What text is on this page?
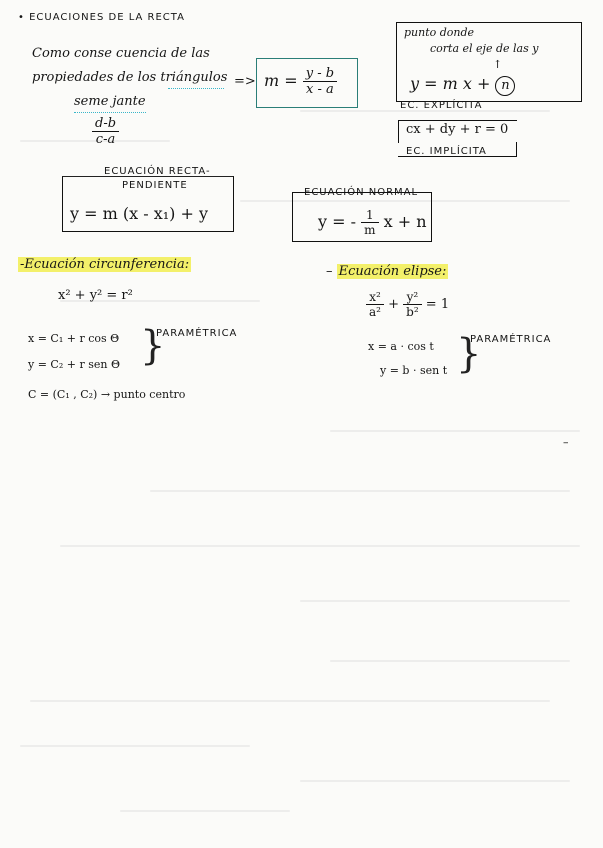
• ECUACIONES DE LA RECTA
Como conse cuencia de las
propiedades de los triángulos
seme jante
$\frac{d-b}{c-a}$
=> $m = \frac{y - b}{x - a}$
punto donde
corta el eje de las y
↑
y = m x + n
EC. EXPLÍCITA
cx + dy + r = 0
EC. IMPLÍCITA
ECUACIÓN RECTA-
PENDIENTE
y = m (x - x₁) + y
ECUACIÓN NORMAL
y = - $\frac{1}{m}$ x + n
-Ecuación circunferencia:
x² + y² = r²
x = C₁ + r cos Θ
y = C₂ + r sen Θ }
PARAMÉTRICA
C = (C₁ , C₂) → punto centro
– Ecuación elipse:
$\frac{\text{x²}}{\text{a²}} + \frac{\text{y²}}{\text{b²}} = 1$
x = a · cos t
y = b · sen t }
PARAMÉTRICA
–
